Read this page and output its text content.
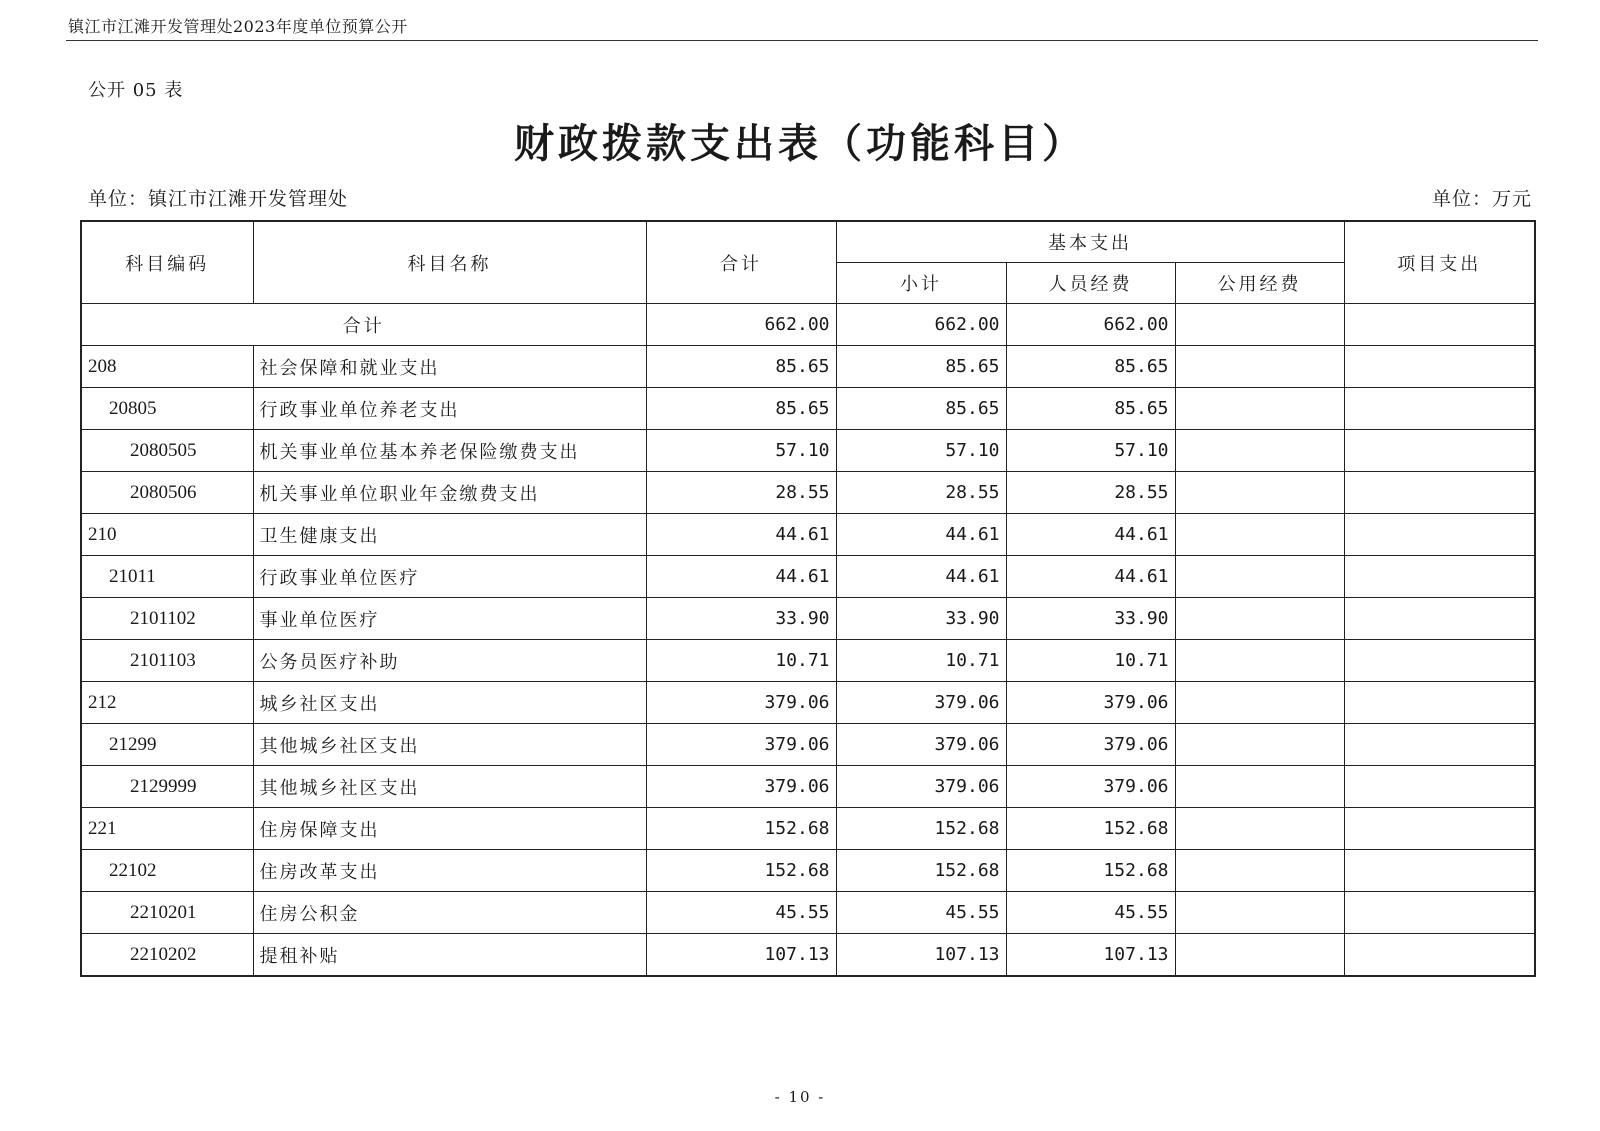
镇江市江滩开发管理处2023年度单位预算公开
公开 05 表
财政拨款支出表（功能科目）
单位：镇江市江滩开发管理处	单位：万元
科目编码	科目名称	合计	基本支出			项目支出
			小计	人员经费	公用经费	
合计		662.00	662.00	662.00		
208	社会保障和就业支出	85.65	85.65	85.65		
20805	行政事业单位养老支出	85.65	85.65	85.65		
2080505	机关事业单位基本养老保险缴费支出	57.10	57.10	57.10		
2080506	机关事业单位职业年金缴费支出	28.55	28.55	28.55		
210	卫生健康支出	44.61	44.61	44.61		
21011	行政事业单位医疗	44.61	44.61	44.61		
2101102	事业单位医疗	33.90	33.90	33.90		
2101103	公务员医疗补助	10.71	10.71	10.71		
212	城乡社区支出	379.06	379.06	379.06		
21299	其他城乡社区支出	379.06	379.06	379.06		
2129999	其他城乡社区支出	379.06	379.06	379.06		
221	住房保障支出	152.68	152.68	152.68		
22102	住房改革支出	152.68	152.68	152.68		
2210201	住房公积金	45.55	45.55	45.55		
2210202	提租补贴	107.13	107.13	107.13		
- 10 -
